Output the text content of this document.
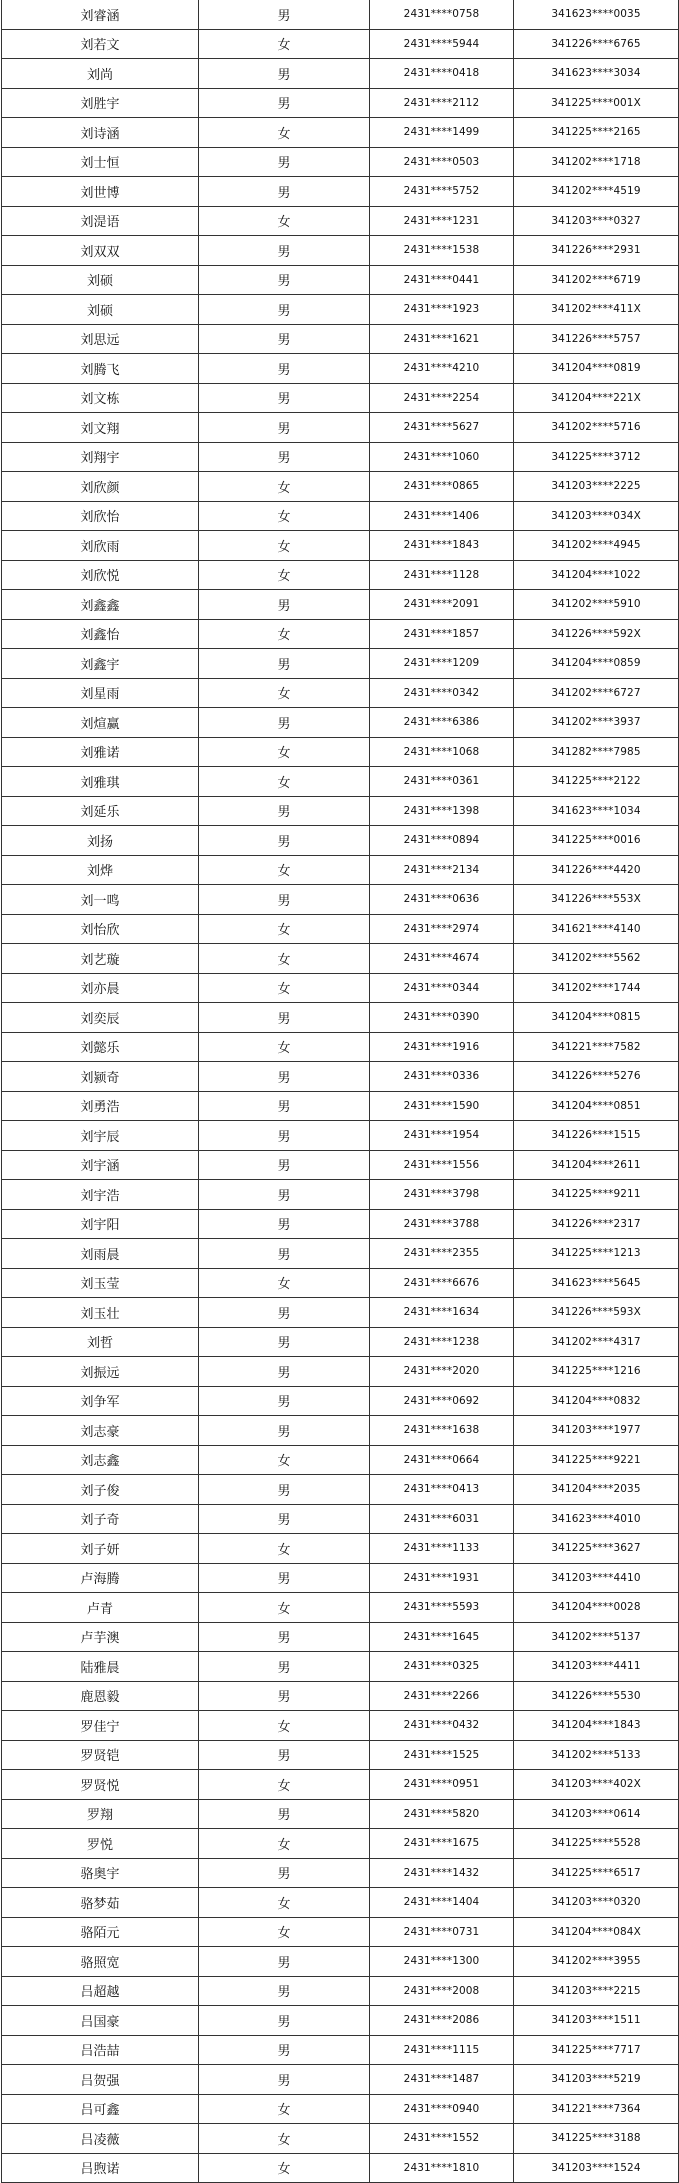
刘睿涵	男	2431****0758	341623****0035
刘若文	女	2431****5944	341226****6765
刘尚	男	2431****0418	341623****3034
刘胜宇	男	2431****2112	341225****001X
刘诗涵	女	2431****1499	341225****2165
刘士恒	男	2431****0503	341202****1718
刘世博	男	2431****5752	341202****4519
刘湜语	女	2431****1231	341203****0327
刘双双	男	2431****1538	341226****2931
刘硕	男	2431****0441	341202****6719
刘硕	男	2431****1923	341202****411X
刘思远	男	2431****1621	341226****5757
刘腾飞	男	2431****4210	341204****0819
刘文栋	男	2431****2254	341204****221X
刘文翔	男	2431****5627	341202****5716
刘翔宇	男	2431****1060	341225****3712
刘欣颜	女	2431****0865	341203****2225
刘欣怡	女	2431****1406	341203****034X
刘欣雨	女	2431****1843	341202****4945
刘欣悦	女	2431****1128	341204****1022
刘鑫鑫	男	2431****2091	341202****5910
刘鑫怡	女	2431****1857	341226****592X
刘鑫宇	男	2431****1209	341204****0859
刘星雨	女	2431****0342	341202****6727
刘煊赢	男	2431****6386	341202****3937
刘雅诺	女	2431****1068	341282****7985
刘雅琪	女	2431****0361	341225****2122
刘延乐	男	2431****1398	341623****1034
刘扬	男	2431****0894	341225****0016
刘烨	女	2431****2134	341226****4420
刘一鸣	男	2431****0636	341226****553X
刘怡欣	女	2431****2974	341621****4140
刘艺璇	女	2431****4674	341202****5562
刘亦晨	女	2431****0344	341202****1744
刘奕辰	男	2431****0390	341204****0815
刘懿乐	女	2431****1916	341221****7582
刘颍奇	男	2431****0336	341226****5276
刘勇浩	男	2431****1590	341204****0851
刘宇辰	男	2431****1954	341226****1515
刘宇涵	男	2431****1556	341204****2611
刘宇浩	男	2431****3798	341225****9211
刘宇阳	男	2431****3788	341226****2317
刘雨晨	男	2431****2355	341225****1213
刘玉莹	女	2431****6676	341623****5645
刘玉壮	男	2431****1634	341226****593X
刘哲	男	2431****1238	341202****4317
刘振远	男	2431****2020	341225****1216
刘争军	男	2431****0692	341204****0832
刘志豪	男	2431****1638	341203****1977
刘志鑫	女	2431****0664	341225****9221
刘子俊	男	2431****0413	341204****2035
刘子奇	男	2431****6031	341623****4010
刘子妍	女	2431****1133	341225****3627
卢海腾	男	2431****1931	341203****4410
卢青	女	2431****5593	341204****0028
卢芋澳	男	2431****1645	341202****5137
陆雅晨	男	2431****0325	341203****4411
鹿恩毅	男	2431****2266	341226****5530
罗佳宁	女	2431****0432	341204****1843
罗贤铠	男	2431****1525	341202****5133
罗贤悦	女	2431****0951	341203****402X
罗翔	男	2431****5820	341203****0614
罗悦	女	2431****1675	341225****5528
骆奥宇	男	2431****1432	341225****6517
骆梦茹	女	2431****1404	341203****0320
骆陌元	女	2431****0731	341204****084X
骆照宽	男	2431****1300	341202****3955
吕超越	男	2431****2008	341203****2215
吕国豪	男	2431****2086	341203****1511
吕浩喆	男	2431****1115	341225****7717
吕贺强	男	2431****1487	341203****5219
吕可鑫	女	2431****0940	341221****7364
吕凌薇	女	2431****1552	341225****3188
吕煦诺	女	2431****1810	341203****1524
